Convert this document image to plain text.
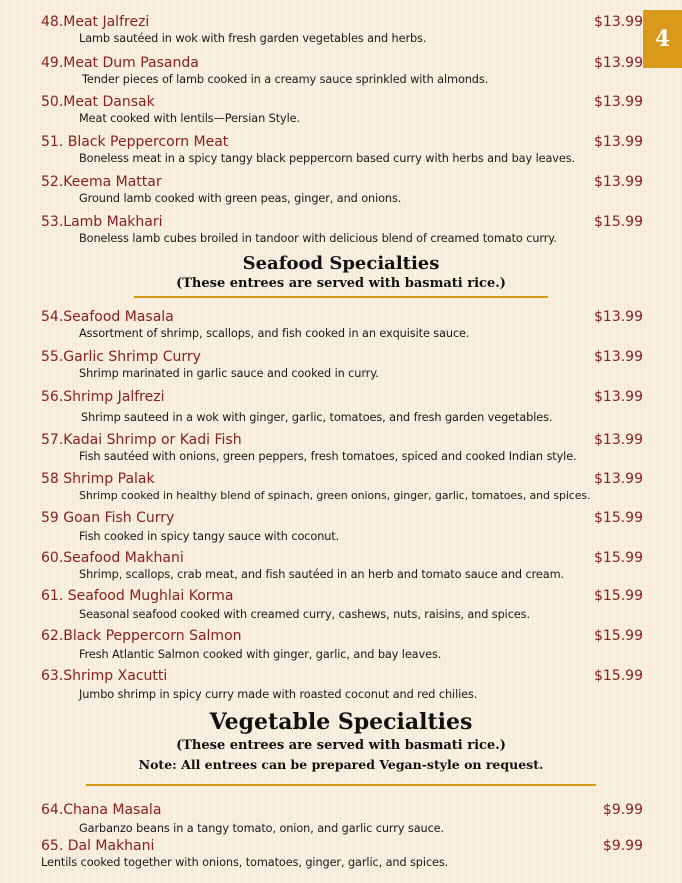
4
48.Meat Jalfrezi	$13.99
Lamb sautéed in wok with fresh garden vegetables and herbs.
49.Meat Dum Pasanda	$13.99
Tender pieces of lamb cooked in a creamy sauce sprinkled with almonds.
50.Meat Dansak	$13.99
Meat cooked with lentils—Persian Style.
51. Black Peppercorn Meat	$13.99
Boneless meat in a spicy tangy black peppercorn based curry with herbs and bay leaves.
52.Keema Mattar	$13.99
Ground lamb cooked with green peas, ginger, and onions.
53.Lamb Makhari	$15.99
Boneless lamb cubes broiled in tandoor with delicious blend of creamed tomato curry.
Seafood Specialties
(These entrees are served with basmati rice.)
54.Seafood Masala	$13.99
Assortment of shrimp, scallops, and fish cooked in an exquisite sauce.
55.Garlic Shrimp Curry	$13.99
Shrimp marinated in garlic sauce and cooked in curry.
56.Shrimp Jalfrezi	$13.99
Shrimp sauteed in a wok with ginger, garlic, tomatoes, and fresh garden vegetables.
57.Kadai Shrimp or Kadi Fish	$13.99
Fish sautéed with onions, green peppers, fresh tomatoes, spiced and cooked Indian style.
58 Shrimp Palak	$13.99
Shrimp cooked in healthy blend of spinach, green onions, ginger, garlic, tomatoes, and spices.
59 Goan Fish Curry	$15.99
Fish cooked in spicy tangy sauce with coconut.
60.Seafood Makhani	$15.99
Shrimp, scallops, crab meat, and fish sautéed in an herb and tomato sauce and cream.
61. Seafood Mughlai Korma	$15.99
Seasonal seafood cooked with creamed curry, cashews, nuts, raisins, and spices.
62.Black Peppercorn Salmon	$15.99
Fresh Atlantic Salmon cooked with ginger, garlic, and bay leaves.
63.Shrimp Xacutti	$15.99
Jumbo shrimp in spicy curry made with roasted coconut and red chilies.
Vegetable Specialties
(These entrees are served with basmati rice.)
Note: All entrees can be prepared Vegan-style on request.
64.Chana Masala	$9.99
Garbanzo beans in a tangy tomato, onion, and garlic curry sauce.
65. Dal Makhani	$9.99
Lentils cooked together with onions, tomatoes, ginger, garlic, and spices.
